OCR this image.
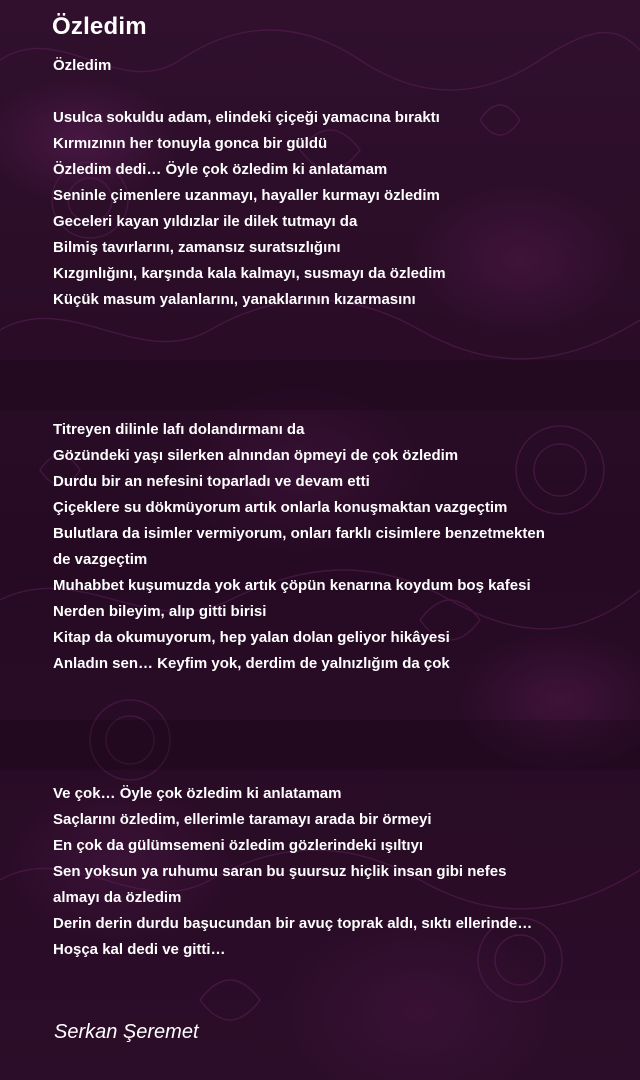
Özledim

Özledim

Usulca sokuldu adam, elindeki çiçeği yamacına bıraktı
Kırmızının her tonuyla gonca bir güldü
Özledim dedi… Öyle çok özledim ki anlatamam
Seninle çimenlere uzanmayı, hayaller kurmayı özledim
Geceleri kayan yıldızlar ile dilek tutmayı da
Bilmiş tavırlarını, zamansız suratsızlığını
Kızgınlığını, karşında kala kalmayı, susmayı da özledim
Küçük masum yalanlarını, yanaklarının kızarmasını
Titreyen dilinle lafı dolandırmanı da
Gözündeki yaşı silerken alnından öpmeyi de çok özledim
Durdu bir an nefesini toparladı ve devam etti
Çiçeklere su dökmüyorum artık onlarla konuşmaktan vazgeçtim
Bulutlara da isimler vermiyorum, onları farklı cisimlere benzetmekten
de vazgeçtim
Muhabbet kuşumuzda yok artık çöpün kenarına koydum boş kafesi
Nerden bileyim, alıp gitti birisi
Kitap da okumuyorum, hep yalan dolan geliyor hikâyesi
Anladın sen… Keyfim yok, derdim de yalnızlığım da çok
Ve çok… Öyle çok özledim ki anlatamam
Saçlarını özledim, ellerimle taramayı arada bir örmeyi
En çok da gülümsemeni özledim gözlerindeki ışıltıyı
Sen yoksun ya ruhumu saran bu şuursuz hiçlik insan gibi nefes
almayı da özledim
Derin derin durdu başucundan bir avuç toprak aldı, sıktı ellerinde…
Hoşça kal dedi ve gitti…
Serkan Şeremet
